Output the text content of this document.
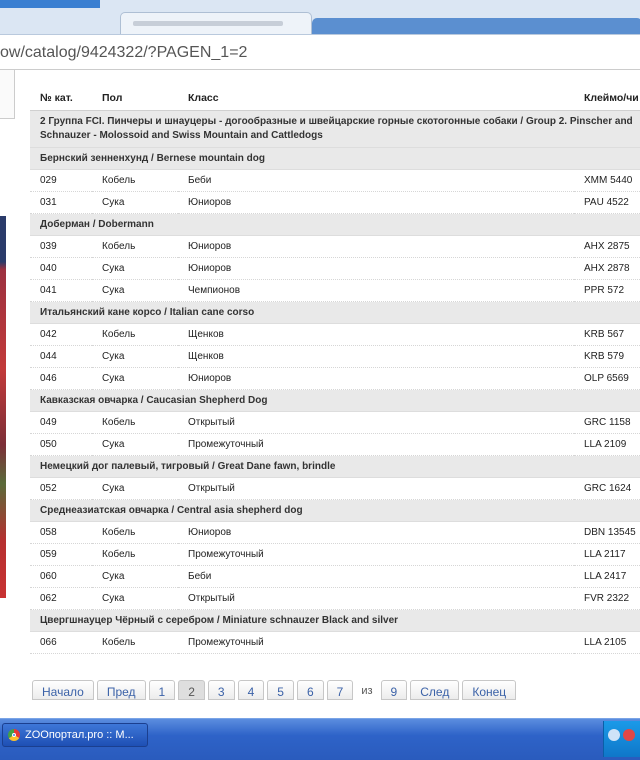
ow/catalog/9424322/?PAGEN_1=2
№ кат.	Пол	Класс	Клеймо/чи
2 Группа FCI. Пинчеры и шнауцеры - догообразные и швейцарские горные скотогонные собаки / Group 2. Pinscher and Schnauzer - Molossoid and Swiss Mountain and Cattledogs			
Бернский зенненхунд / Bernese mountain dog			
029	Кобель	Беби	XMM 5440
031	Сука	Юниоров	PAU 4522
Доберман / Dobermann			
039	Кобель	Юниоров	AHX 2875
040	Сука	Юниоров	AHX 2878
041	Сука	Чемпионов	PPR 572
Итальянский кане корсо / Italian cane corso			
042	Кобель	Щенков	KRB 567
044	Сука	Щенков	KRB 579
046	Сука	Юниоров	OLP 6569
Кавказская овчарка / Caucasian Shepherd Dog			
049	Кобель	Открытый	GRC 1158
050	Сука	Промежуточный	LLA 2109
Немецкий дог палевый, тигровый / Great Dane fawn, brindle			
052	Сука	Открытый	GRC 1624
Среднеазиатская овчарка / Central asia shepherd dog			
058	Кобель	Юниоров	DBN 13545
059	Кобель	Промежуточный	LLA 2117
060	Сука	Беби	LLA 2417
062	Сука	Открытый	FVR 2322
Цвергшнауцер Чёрный с серебром / Miniature schnauzer Black and silver			
066	Кобель	Промежуточный	LLA 2105
Начало Пред 1 2 3 4 5 6 7 из 9 След Конец
ZOOпортал.pro :: M...
